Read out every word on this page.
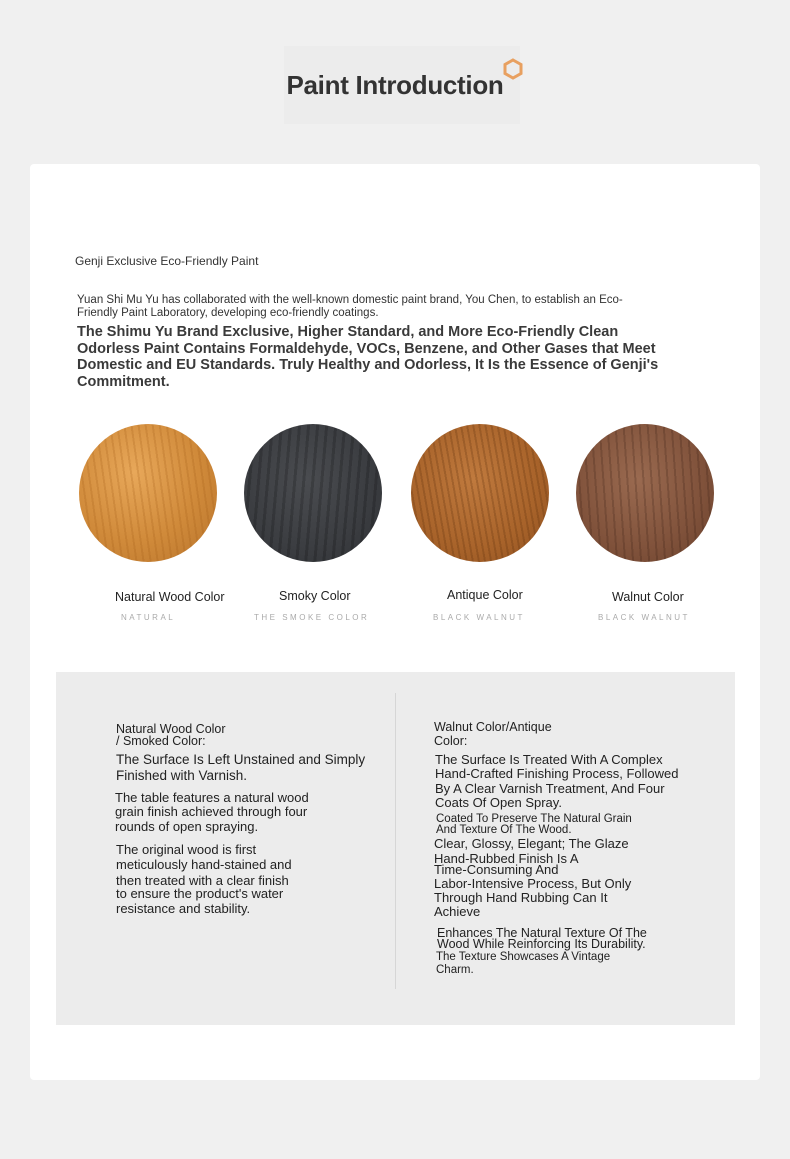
Paint Introduction
Genji Exclusive Eco-Friendly Paint
Yuan Shi Mu Yu has collaborated with the well-known domestic paint brand, You Chen, to establish an Eco-Friendly Paint Laboratory, developing eco-friendly coatings.
The Shimu Yu Brand Exclusive, Higher Standard, and More Eco-Friendly Clean Odorless Paint Contains Formaldehyde, VOCs, Benzene, and Other Gases that Meet Domestic and EU Standards. Truly Healthy and Odorless, It Is the Essence of Genji's Commitment.
Natural Wood Color	Smoky Color	Antique Color	Walnut Color
NATURAL	THE SMOKE COLOR	BLACK WALNUT	BLACK WALNUT
Natural Wood Color
/ Smoked Color:
The Surface Is Left Unstained and Simply
Finished with Varnish.
The table features a natural wood
grain finish achieved through four
rounds of open spraying.
The original wood is first
meticulously hand-stained and
then treated with a clear finish
to ensure the product's water
resistance and stability.
Walnut Color/Antique
Color:
The Surface Is Treated With A Complex
Hand-Crafted Finishing Process, Followed
By A Clear Varnish Treatment, And Four
Coats Of Open Spray.
Coated To Preserve The Natural Grain
And Texture Of The Wood.
Clear, Glossy, Elegant; The Glaze
Hand-Rubbed Finish Is A
Time-Consuming And
Labor-Intensive Process, But Only
Through Hand Rubbing Can It
Achieve
Enhances The Natural Texture Of The
Wood While Reinforcing Its Durability.
The Texture Showcases A Vintage
Charm.
